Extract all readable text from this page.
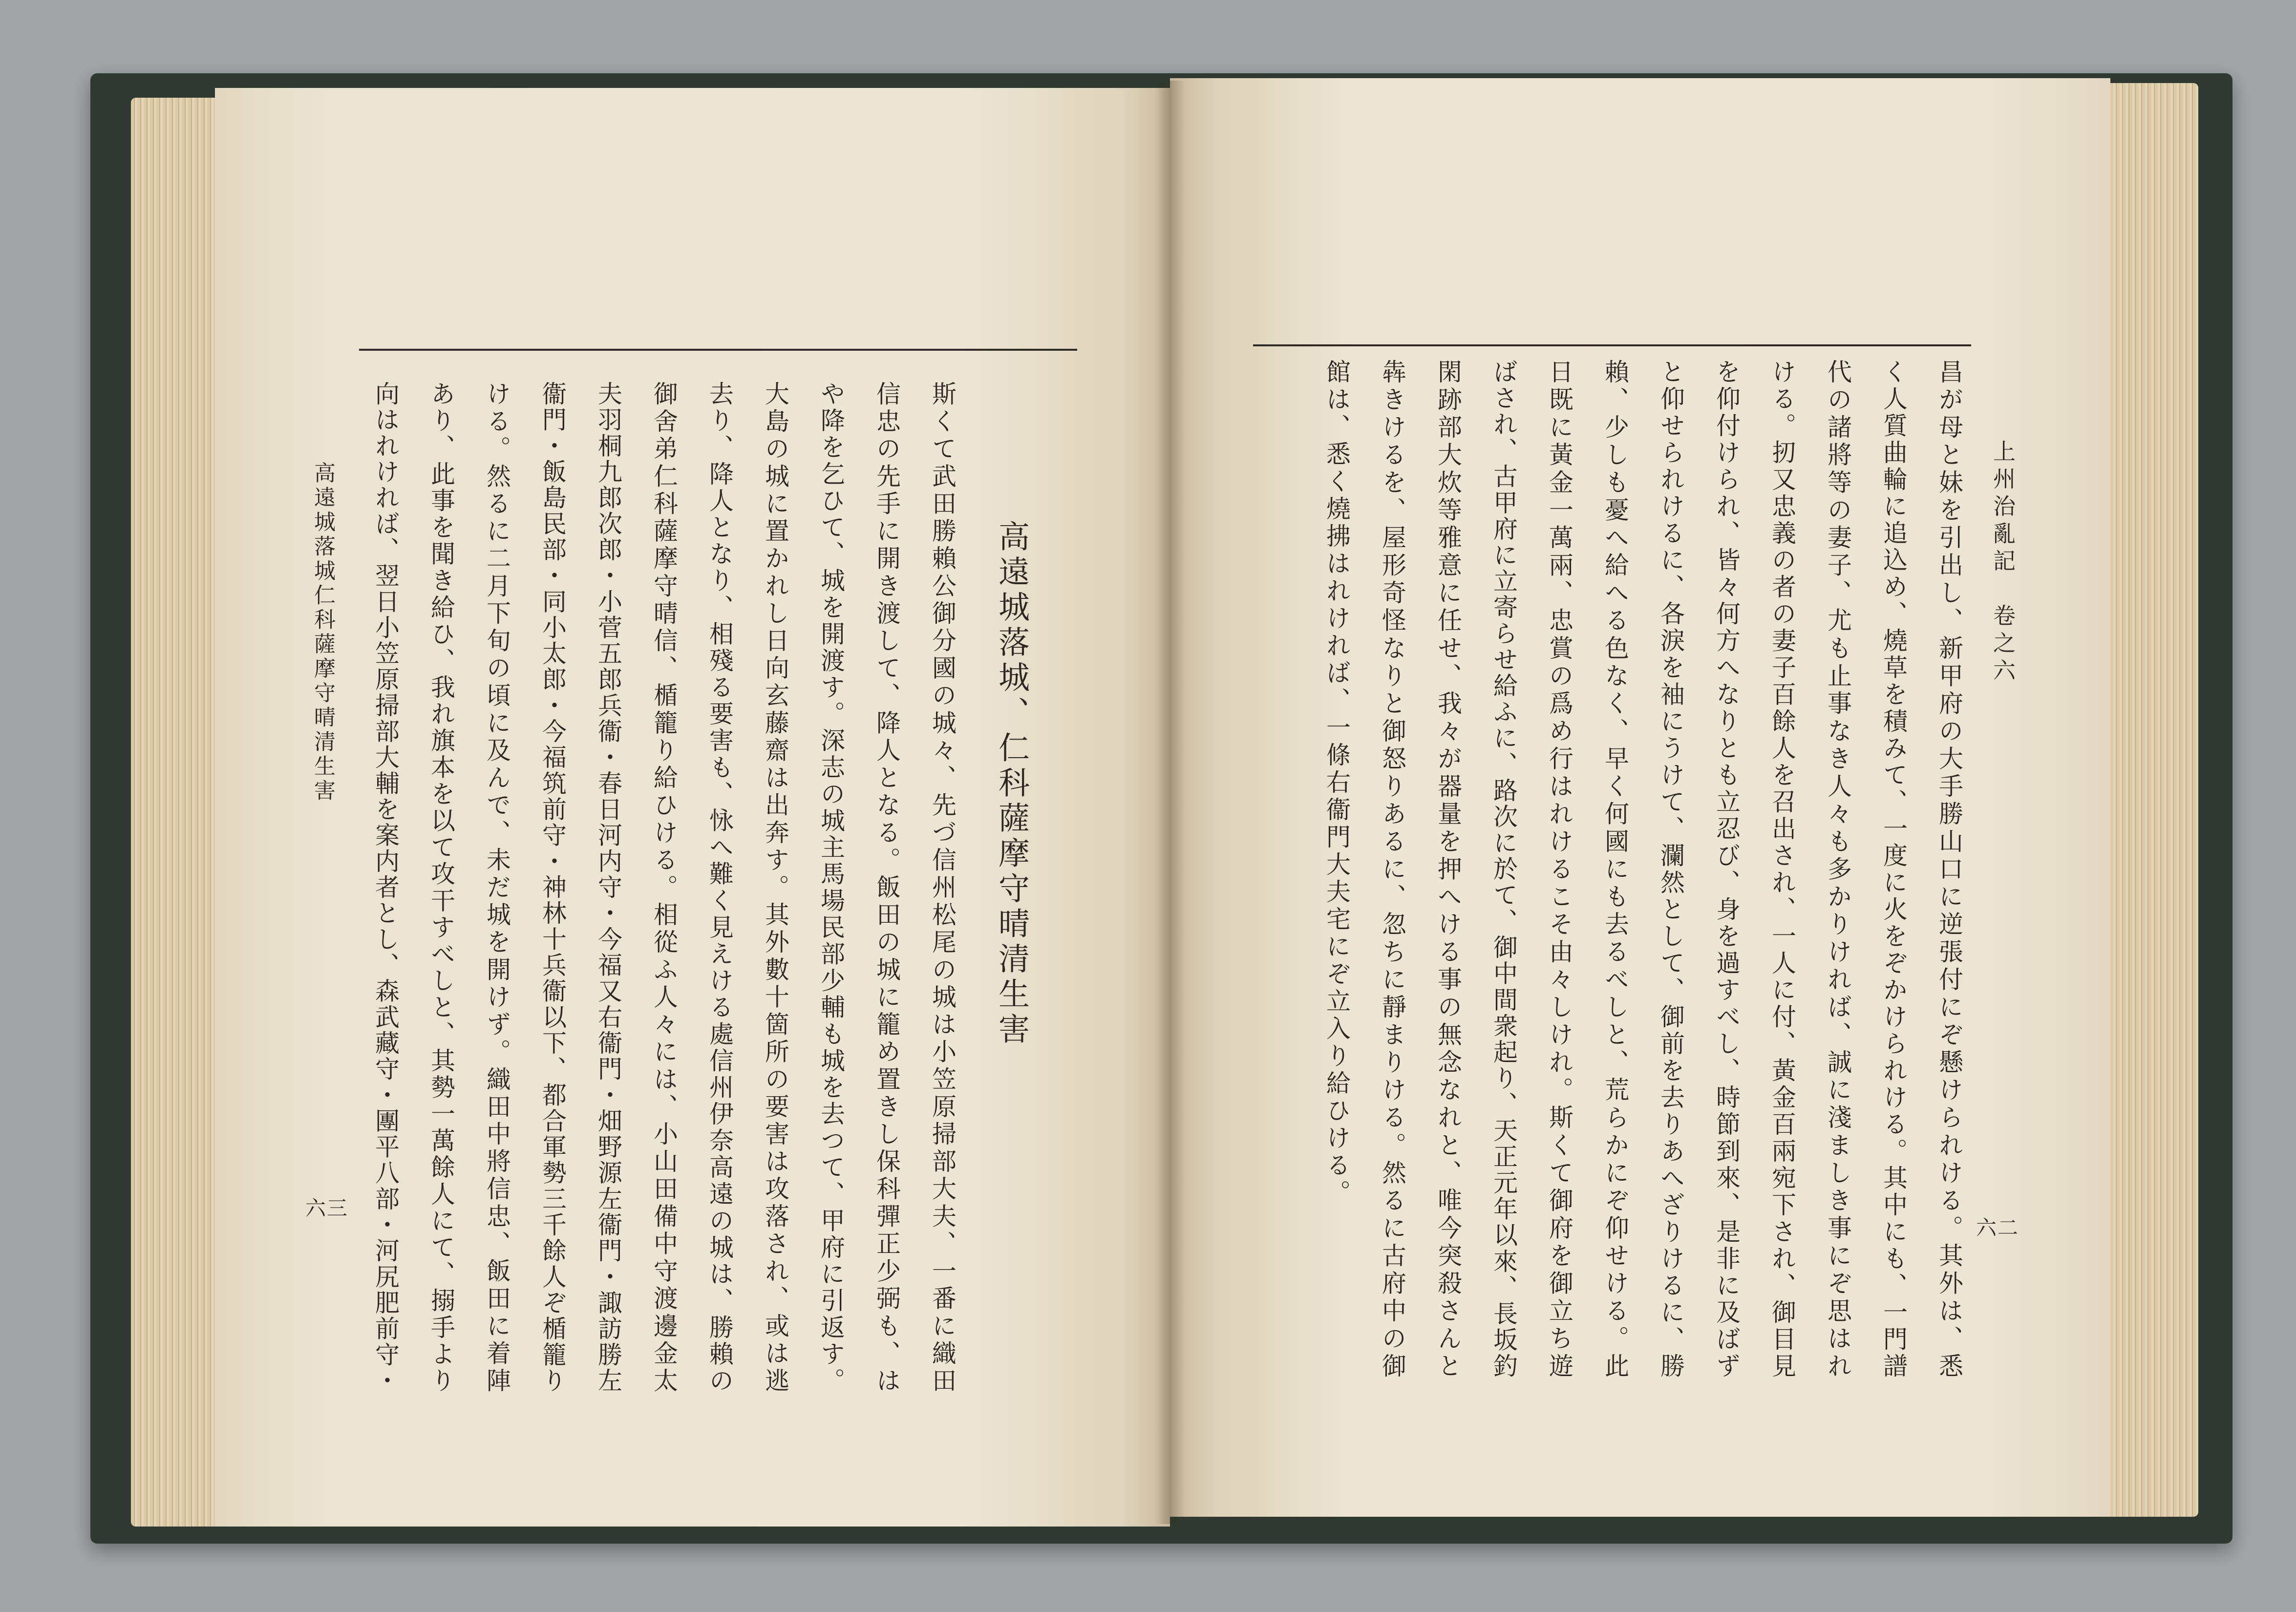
高遠城落城、仁科薩摩守晴清生害
斯くて武田勝賴公御分國の城々、先づ信州松尾の城は小笠原掃部大夫、一番に織田
信忠の先手に開き渡して、降人となる。飯田の城に籠め置きし保科彈正少弼も、は
や降を乞ひて、城を開渡す。深志の城主馬場民部少輔も城を去つて、甲府に引返す。
大島の城に置かれし日向玄藤齋は出奔す。其外數十箇所の要害は攻落され、或は逃
去り、降人となり、相殘る要害も、怺へ難く見えける處信州伊奈高遠の城は、勝賴の
御舍弟仁科薩摩守晴信、楯籠り給ひける。相從ふ人々には、小山田備中守渡邊金太
夫羽桐九郎次郎・小菅五郎兵衞・春日河内守・今福又右衞門・畑野源左衞門・諏訪勝左
衞門・飯島民部・同小太郎・今福筑前守・神林十兵衞以下、都合軍勢三千餘人ぞ楯籠り
ける。然るに二月下旬の頃に及んで、未だ城を開けず。織田中將信忠、飯田に着陣
あり、此事を聞き給ひ、我れ旗本を以て攻干すべしと、其勢一萬餘人にて、搦手より
向はれければ、翌日小笠原掃部大輔を案内者とし、森武藏守・團平八部・河尻肥前守・
高遠城落城仁科薩摩守晴清生害
六三
上州治亂記　卷之六
昌が母と妹を引出し、新甲府の大手勝山口に逆張付にぞ懸けられける。其外は、悉
く人質曲輪に追込め、燒草を積みて、一度に火をぞかけられける。其中にも、一門譜
代の諸將等の妻子、尤も止事なき人々も多かりければ、誠に淺ましき事にぞ思はれ
ける。扨又忠義の者の妻子百餘人を召出され、一人に付、黃金百兩宛下され、御目見
を仰付けられ、皆々何方へなりとも立忍び、身を過すべし、時節到來、是非に及ばず
と仰せられけるに、各淚を袖にうけて、瀾然として、御前を去りあへざりけるに、勝
賴、少しも憂へ給へる色なく、早く何國にも去るべしと、荒らかにぞ仰せける。此
日既に黃金一萬兩、忠賞の爲め行はれけるこそ由々しけれ。斯くて御府を御立ち遊
ばされ、古甲府に立寄らせ給ふに、路次に於て、御中間衆起り、天正元年以來、長坂釣
閑跡部大炊等雅意に任せ、我々が器量を押へける事の無念なれと、唯今突殺さんと
犇きけるを、屋形奇怪なりと御怒りあるに、忽ちに靜まりける。然るに古府中の御
館は、悉く燒拂はれければ、一條右衞門大夫宅にぞ立入り給ひける。
六二
